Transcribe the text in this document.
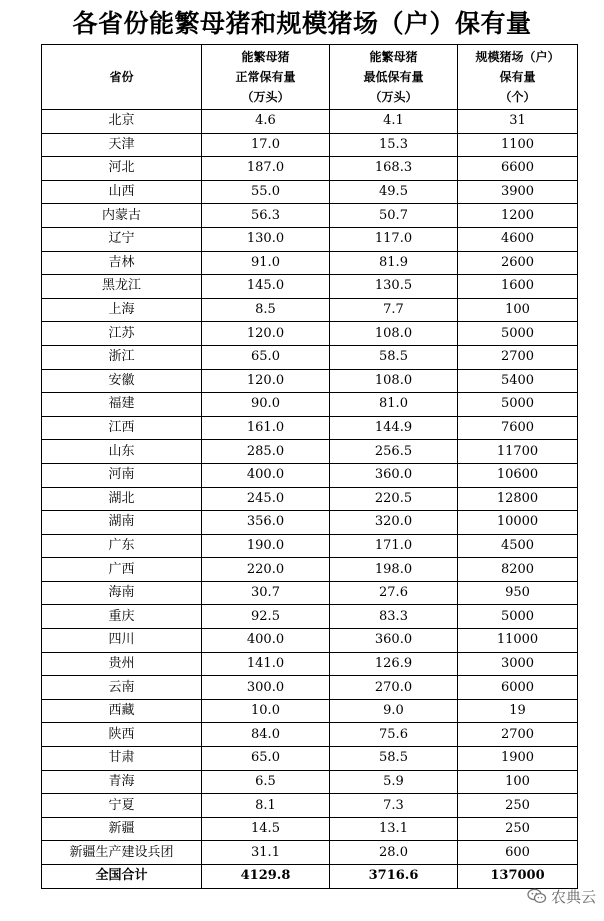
各省份能繁母猪和规模猪场（户）保有量
省份	能繁母猪
正常保有量
（万头）	能繁母猪
最低保有量
（万头）	规模猪场（户）
保有量
（个）

北京	4.6	4.1	31
天津	17.0	15.3	1100
河北	187.0	168.3	6600
山西	55.0	49.5	3900
内蒙古	56.3	50.7	1200
辽宁	130.0	117.0	4600
吉林	91.0	81.9	2600
黑龙江	145.0	130.5	1600
上海	8.5	7.7	100
江苏	120.0	108.0	5000
浙江	65.0	58.5	2700
安徽	120.0	108.0	5400
福建	90.0	81.0	5000
江西	161.0	144.9	7600
山东	285.0	256.5	11700
河南	400.0	360.0	10600
湖北	245.0	220.5	12800
湖南	356.0	320.0	10000
广东	190.0	171.0	4500
广西	220.0	198.0	8200
海南	30.7	27.6	950
重庆	92.5	83.3	5000
四川	400.0	360.0	11000
贵州	141.0	126.9	3000
云南	300.0	270.0	6000
西藏	10.0	9.0	19
陕西	84.0	75.6	2700
甘肃	65.0	58.5	1900
青海	6.5	5.9	100
宁夏	8.1	7.3	250
新疆	14.5	13.1	250
新疆生产建设兵团	31.1	28.0	600
全国合计	4129.8	3716.6	137000
农典云
